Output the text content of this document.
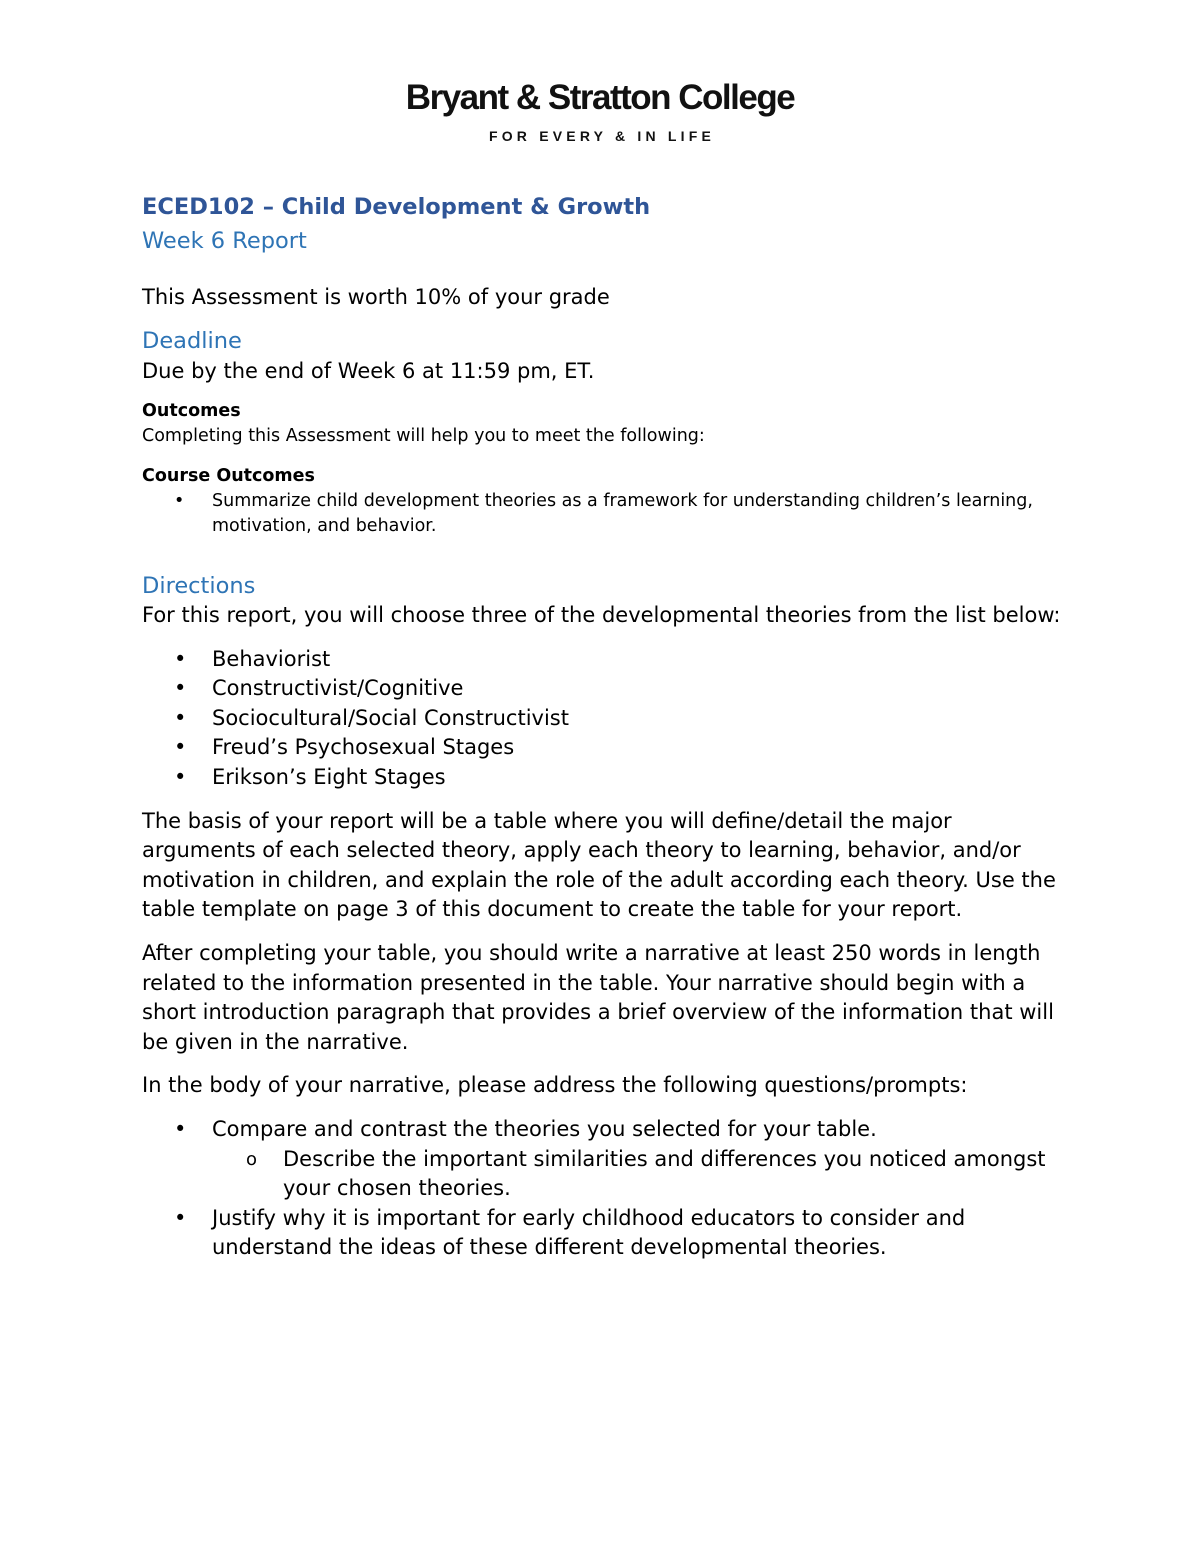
Bryant & Stratton College
FOR EVERY & IN LIFE

ECED102 – Child Development & Growth

Week 6 Report

This Assessment is worth 10% of your grade

Deadline

Due by the end of Week 6 at 11:59 pm, ET.

Outcomes

Completing this Assessment will help you to meet the following:

Course Outcomes

• Summarize child development theories as a framework for understanding children’s learning, motivation, and behavior.

Directions

For this report, you will choose three of the developmental theories from the list below:

• Behaviorist
• Constructivist/Cognitive
• Sociocultural/Social Constructivist
• Freud’s Psychosexual Stages
• Erikson’s Eight Stages

The basis of your report will be a table where you will define/detail the major arguments of each selected theory, apply each theory to learning, behavior, and/or motivation in children, and explain the role of the adult according each theory. Use the table template on page 3 of this document to create the table for your report.

After completing your table, you should write a narrative at least 250 words in length related to the information presented in the table. Your narrative should begin with a short introduction paragraph that provides a brief overview of the information that will be given in the narrative.

In the body of your narrative, please address the following questions/prompts:

• Compare and contrast the theories you selected for your table.
o Describe the important similarities and differences you noticed amongst your chosen theories.
• Justify why it is important for early childhood educators to consider and understand the ideas of these different developmental theories.
